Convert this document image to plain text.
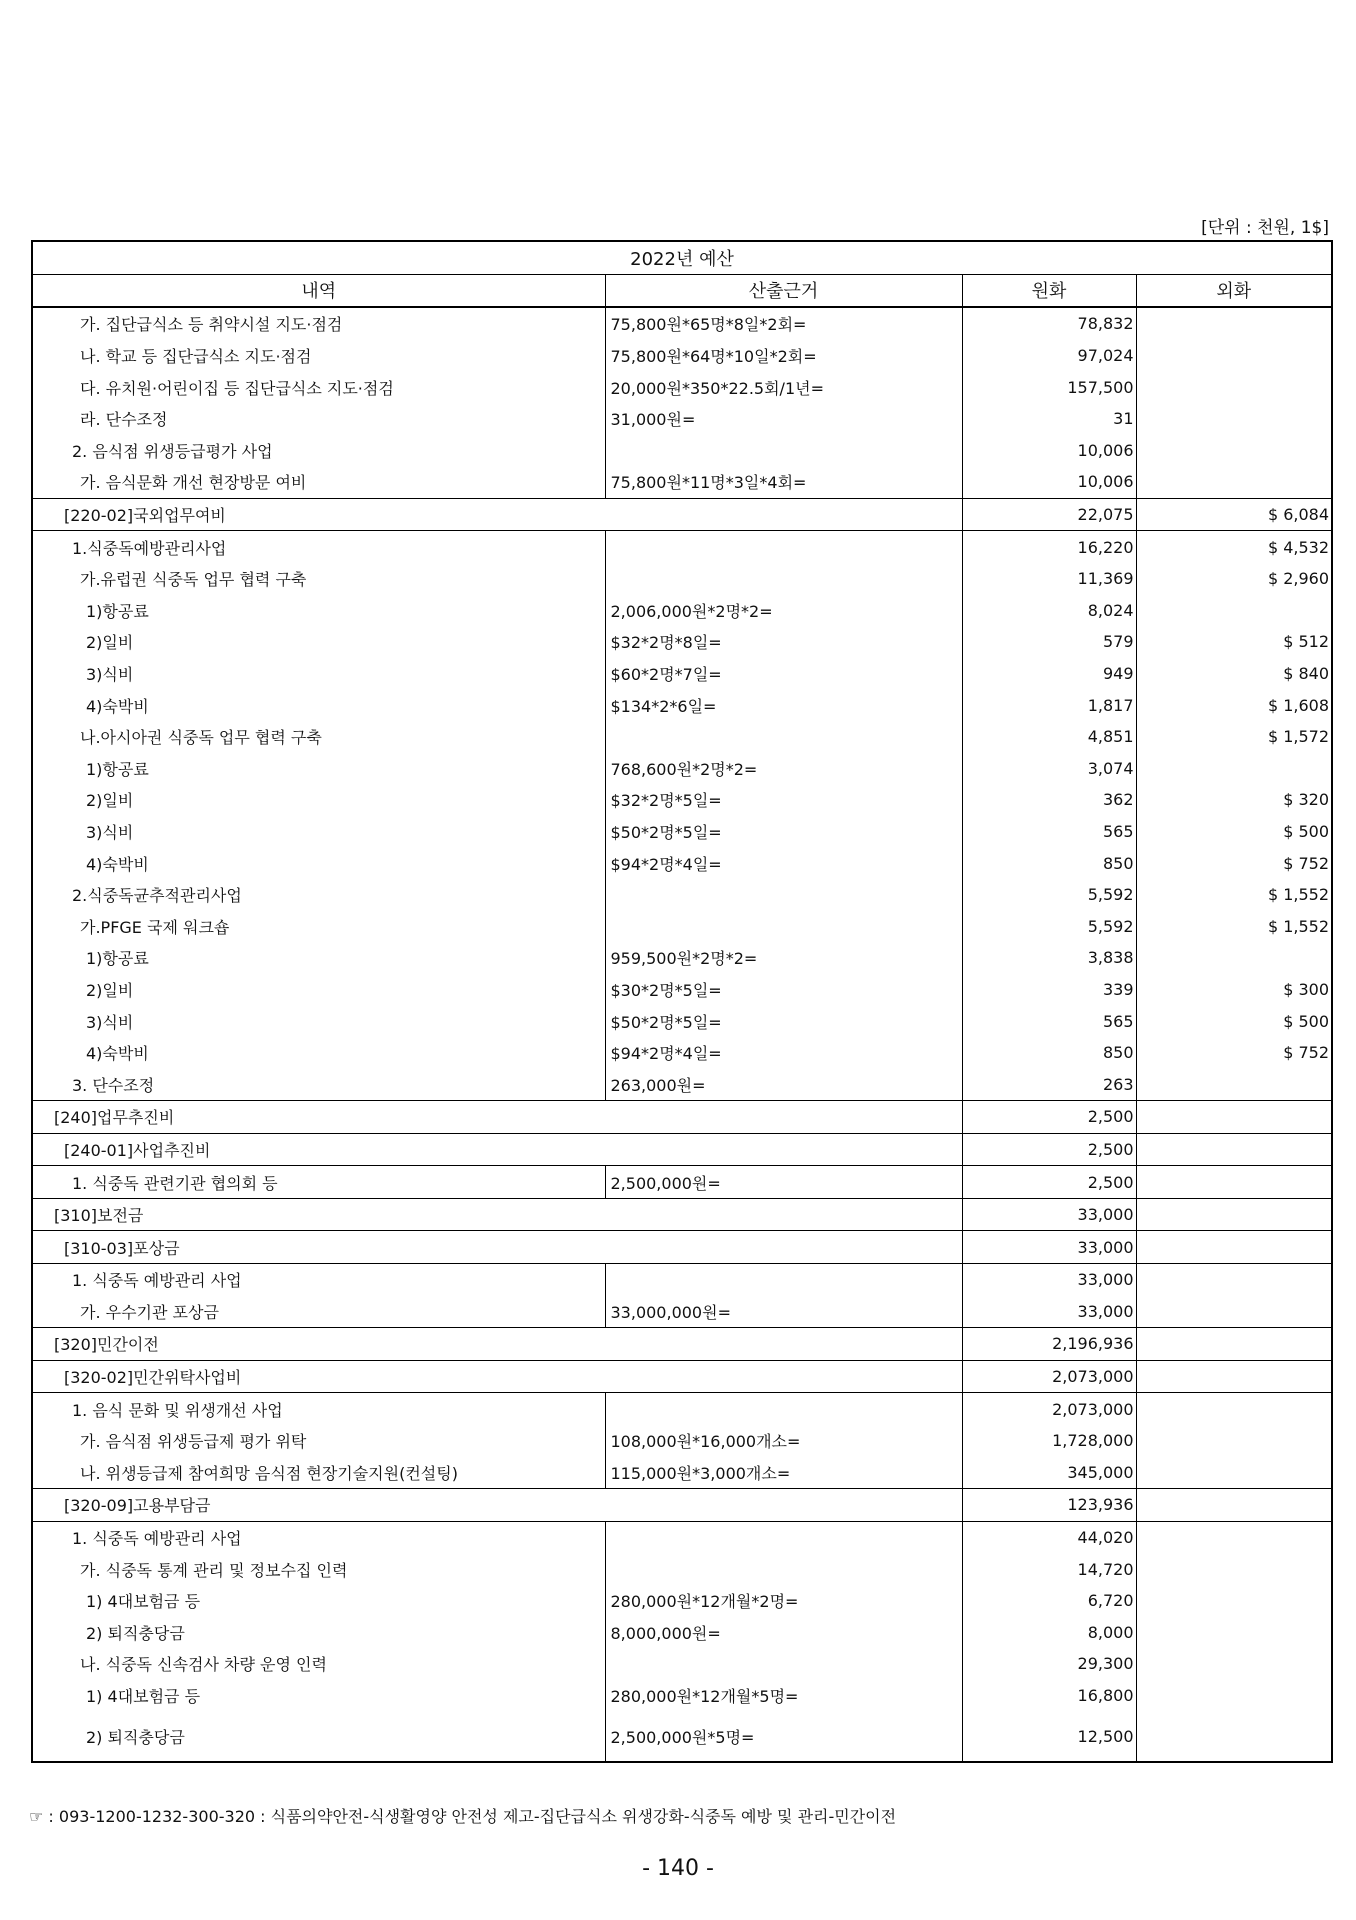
[단위 : 천원, 1$]
2022년 예산			
내역	산출근거	원화	외화
가. 집단급식소 등 취약시설 지도·점검	75,800원*65명*8일*2회=	78,832	
나. 학교 등 집단급식소 지도·점검	75,800원*64명*10일*2회=	97,024	
다. 유치원·어린이집 등 집단급식소 지도·점검	20,000원*350*22.5회/1년=	157,500	
라. 단수조정	31,000원=	31	
2. 음식점 위생등급평가 사업		10,006	
가. 음식문화 개선 현장방문 여비	75,800원*11명*3일*4회=	10,006	
[220-02]국외업무여비		22,075	$ 6,084
1.식중독예방관리사업		16,220	$ 4,532
가.유럽권 식중독 업무 협력 구축		11,369	$ 2,960
1)항공료	2,006,000원*2명*2=	8,024	
2)일비	$32*2명*8일=	579	$ 512
3)식비	$60*2명*7일=	949	$ 840
4)숙박비	$134*2*6일=	1,817	$ 1,608
나.아시아권 식중독 업무 협력 구축		4,851	$ 1,572
1)항공료	768,600원*2명*2=	3,074	
2)일비	$32*2명*5일=	362	$ 320
3)식비	$50*2명*5일=	565	$ 500
4)숙박비	$94*2명*4일=	850	$ 752
2.식중독균추적관리사업		5,592	$ 1,552
가.PFGE 국제 워크숍		5,592	$ 1,552
1)항공료	959,500원*2명*2=	3,838	
2)일비	$30*2명*5일=	339	$ 300
3)식비	$50*2명*5일=	565	$ 500
4)숙박비	$94*2명*4일=	850	$ 752
3. 단수조정	263,000원=	263	
[240]업무추진비		2,500	
[240-01]사업추진비		2,500	
1. 식중독 관련기관 협의회 등	2,500,000원=	2,500	
[310]보전금		33,000	
[310-03]포상금		33,000	
1. 식중독 예방관리 사업		33,000	
가. 우수기관 포상금	33,000,000원=	33,000	
[320]민간이전		2,196,936	
[320-02]민간위탁사업비		2,073,000	
1. 음식 문화 및 위생개선 사업		2,073,000	
가. 음식점 위생등급제 평가 위탁	108,000원*16,000개소=	1,728,000	
나. 위생등급제 참여희망 음식점 현장기술지원(컨설팅)	115,000원*3,000개소=	345,000	
[320-09]고용부담금		123,936	
1. 식중독 예방관리 사업		44,020	
가. 식중독 통계 관리 및 정보수집 인력		14,720	
1) 4대보험금 등	280,000원*12개월*2명=	6,720	
2) 퇴직충당금	8,000,000원=	8,000	
나. 식중독 신속검사 차량 운영 인력		29,300	
1) 4대보험금 등	280,000원*12개월*5명=	16,800	
2) 퇴직충당금	2,500,000원*5명=	12,500	
☞ : 093-1200-1232-300-320 : 식품의약안전-식생활영양 안전성 제고-집단급식소 위생강화-식중독 예방 및 관리-민간이전
- 140 -
